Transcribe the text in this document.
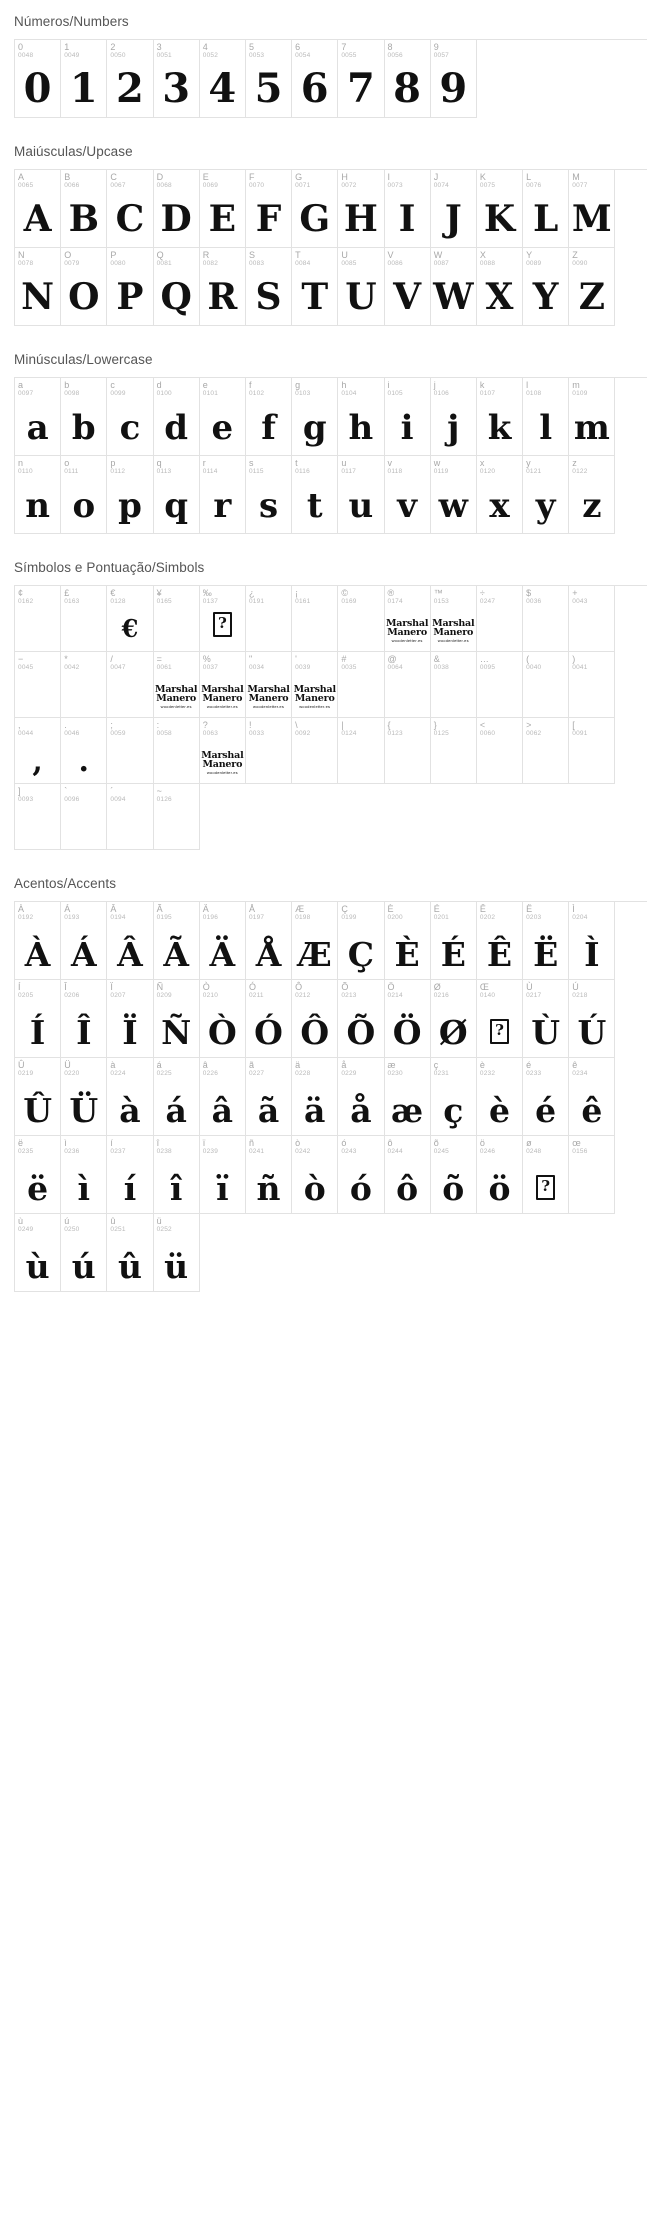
Números/Numbers
0
0048
0
1
0049
1
2
0050
2
3
0051
3
4
0052
4
5
0053
5
6
0054
6
7
0055
7
8
0056
8
9
0057
9
Maiúsculas/Upcase
A
0065
A
B
0066
B
C
0067
C
D
0068
D
E
0069
E
F
0070
F
G
0071
G
H
0072
H
I
0073
I
J
0074
J
K
0075
K
L
0076
L
M
0077
M
N
0078
N
O
0079
O
P
0080
P
Q
0081
Q
R
0082
R
S
0083
S
T
0084
T
U
0085
U
V
0086
V
W
0087
W
X
0088
X
Y
0089
Y
Z
0090
Z
Minúsculas/Lowercase
a
0097
a
b
0098
b
c
0099
c
d
0100
d
e
0101
e
f
0102
f
g
0103
g
h
0104
h
i
0105
i
j
0106
j
k
0107
k
l
0108
l
m
0109
m
n
0110
n
o
0111
o
p
0112
p
q
0113
q
r
0114
r
s
0115
s
t
0116
t
u
0117
u
v
0118
v
w
0119
w
x
0120
x
y
0121
y
z
0122
z
Símbolos e Pontuação/Simbols
¢
0162
£
0163
€
0128
€
¥
0165
‰
0137
?
¿
0191
¡
0161
©
0169
®
0174
Marshal
Manero
woodenletter.es
™
0153
Marshal
Manero
woodenletter.es
÷
0247
$
0036
+
0043
−
0045
*
0042
/
0047
=
0061
Marshal
Manero
woodenletter.es
%
0037
Marshal
Manero
woodenletter.es
"
0034
Marshal
Manero
woodenletter.es
'
0039
Marshal
Manero
woodenletter.es
#
0035
@
0064
&
0038
…
0095
(
0040
)
0041
,
0044
,
.
0046
.
;
0059
:
0058
?
0063
Marshal
Manero
woodenletter.es
!
0033
\
0092
|
0124
{
0123
}
0125
<
0060
>
0062
[
0091
]
0093
`
0096
´
0094
~
0126
Acentos/Accents
À
0192
À
Á
0193
Á
Â
0194
Â
Ã
0195
Ã
Ä
0196
Ä
Å
0197
Å
Æ
0198
Æ
Ç
0199
Ç
È
0200
È
É
0201
É
Ê
0202
Ê
Ë
0203
Ë
Ì
0204
Ì
Í
0205
Í
Î
0206
Î
Ï
0207
Ï
Ñ
0209
Ñ
Ò
0210
Ò
Ó
0211
Ó
Ô
0212
Ô
Õ
0213
Õ
Ö
0214
Ö
Ø
0216
Ø
Œ
0140
?
Ù
0217
Ù
Ú
0218
Ú
Û
0219
Û
Ü
0220
Ü
à
0224
à
á
0225
á
â
0226
â
ã
0227
ã
ä
0228
ä
å
0229
å
æ
0230
æ
ç
0231
ç
è
0232
è
é
0233
é
ê
0234
ê
ë
0235
ë
ì
0236
ì
í
0237
í
î
0238
î
ï
0239
ï
ñ
0241
ñ
ò
0242
ò
ó
0243
ó
ô
0244
ô
õ
0245
õ
ö
0246
ö
ø
0248
?
œ
0156
ù
0249
ù
ú
0250
ú
û
0251
û
ü
0252
ü
